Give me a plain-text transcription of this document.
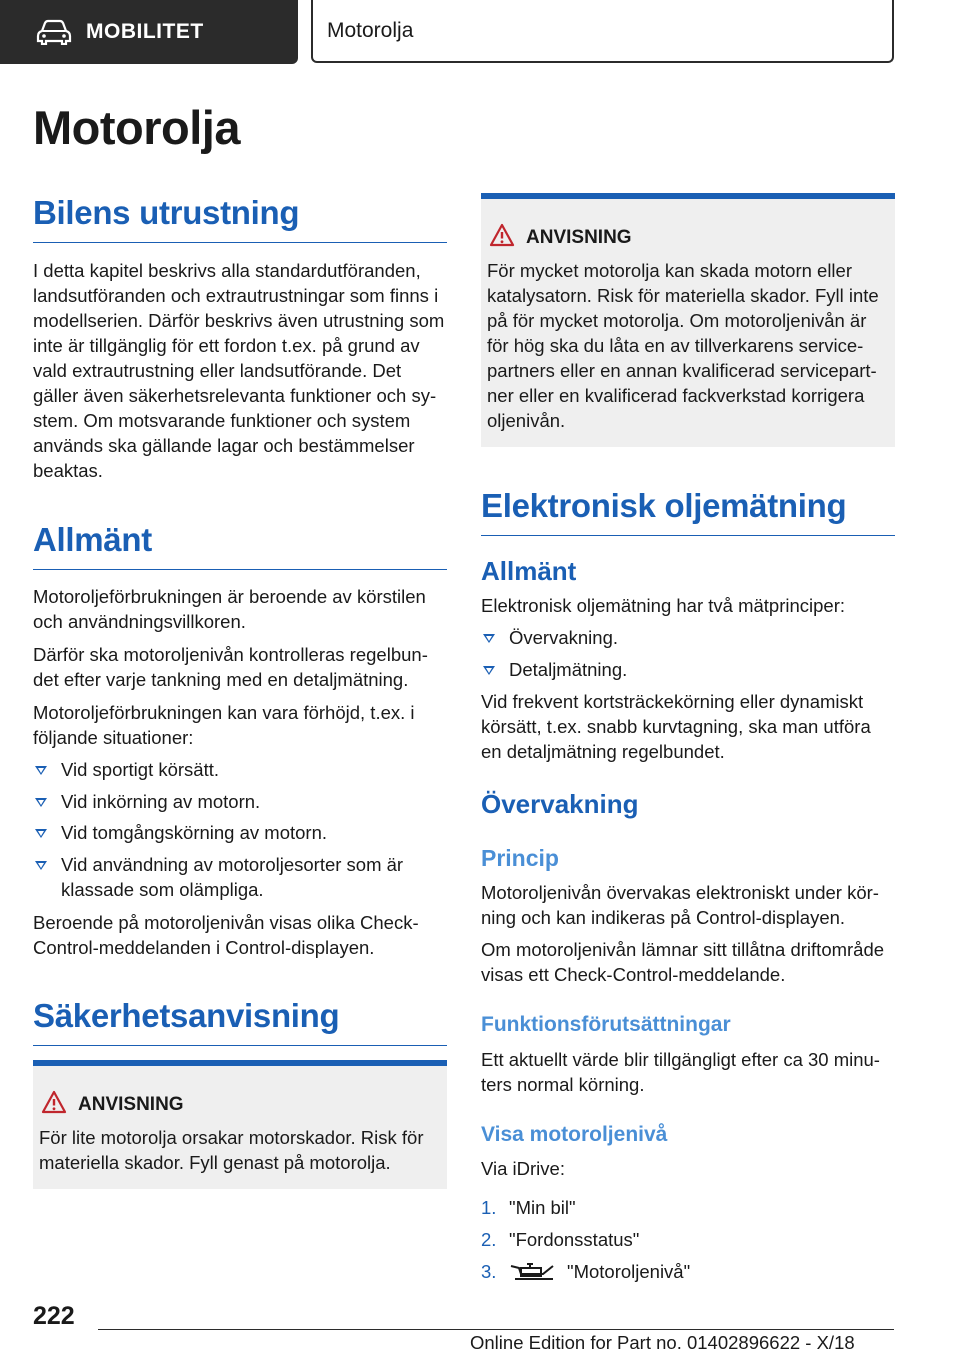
MOBILITET	Motorolja
Motorolja
Bilens utrustning

I detta kapitel beskrivs alla standardutföranden, landsutföranden och extrautrustningar som finns i modellserien. Därför beskrivs även utrustning som inte är tillgänglig för ett fordon t.ex. på grund av vald extrautrustning eller landsutförande. Det gäller även säkerhetsrelevanta funktioner och sy‐ stem. Om motsvarande funktioner och system används ska gällande lagar och bestämmelser beaktas.

Allmänt

Motoroljeförbrukningen är beroende av körstilen och användningsvillkoren.

Därför ska motoroljenivån kontrolleras regelbun‐ det efter varje tankning med en detaljmätning.

Motoroljeförbrukningen kan vara förhöjd, t.ex. i följande situationer:

Vid sportigt körsätt.
Vid inkörning av motorn.
Vid tomgångskörning av motorn.
Vid användning av motoroljesorter som är klassade som olämpliga.

Beroende på motoroljenivån visas olika Check- Control-meddelanden i Control-displayen.

Säkerhetsanvisning
ANVISNING
För lite motorolja orsakar motorskador. Risk för materiella skador. Fyll genast på motorolja.
ANVISNING
För mycket motorolja kan skada motorn eller katalysatorn. Risk för materiella skador. Fyll inte på för mycket motorolja. Om motoroljenivån är för hög ska du låta en av tillverkarens service‐ partners eller en annan kvalificerad servicepart‐ ner eller en kvalificerad fackverkstad korrigera oljenivån.
Elektronisk oljemätning
Allmänt

Elektronisk oljemätning har två mätprinciper:

Övervakning.
Detaljmätning.

Vid frekvent kortsträckekörning eller dynamiskt körsätt, t.ex. snabb kurvtagning, ska man utföra en detaljmätning regelbundet.

Övervakning
Princip

Motoroljenivån övervakas elektroniskt under kör‐ ning och kan indikeras på Control-displayen.

Om motoroljenivån lämnar sitt tillåtna driftområde visas ett Check-Control-meddelande.

Funktionsförutsättningar

Ett aktuellt värde blir tillgängligt efter ca 30 minu‐ ters normal körning.

Visa motoroljenivå

Via iDrive:

1. "Min bil"
2. "Fordonsstatus"
3.	"Motoroljenivå"

222

Online Edition for Part no. 01402896622 - X/18
